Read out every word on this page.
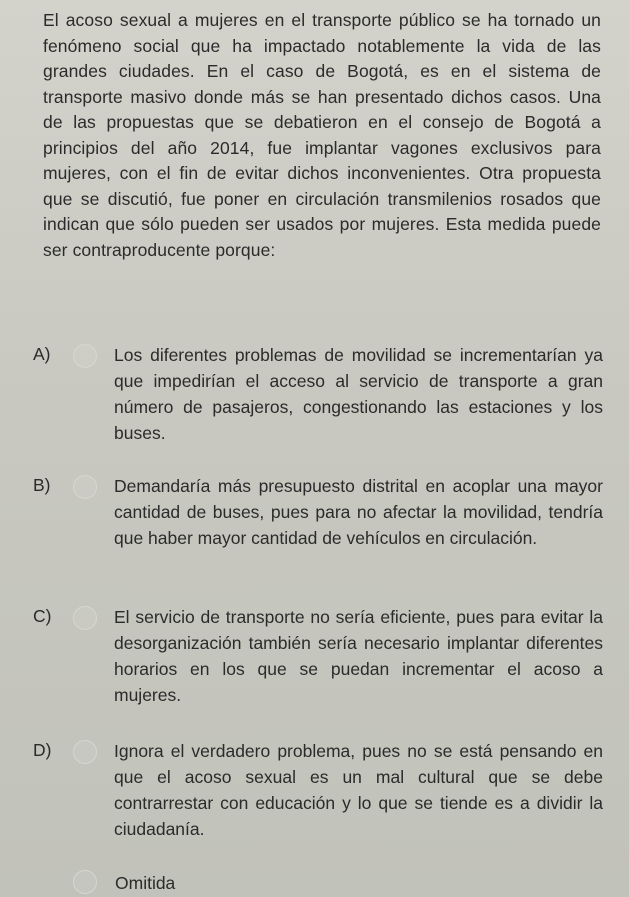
El acoso sexual a mujeres en el transporte público se ha tornado un fenómeno social que ha impactado notablemente la vida de las grandes ciudades. En el caso de Bogotá, es en el sistema de transporte masivo donde más se han presentado dichos casos. Una de las propuestas que se debatieron en el consejo de Bogotá a principios del año 2014, fue implantar vagones exclusivos para mujeres, con el fin de evitar dichos inconvenientes. Otra propuesta que se discutió, fue poner en circulación transmilenios rosados que indican que sólo pueden ser usados por mujeres. Esta medida puede ser contraproducente porque:

A)	Los diferentes problemas de movilidad se incrementarían ya que impedirían el acceso al servicio de transporte a gran número de pasajeros, congestionando las estaciones y los buses.
B)	Demandaría más presupuesto distrital en acoplar una mayor cantidad de buses, pues para no afectar la movilidad, tendría que haber mayor cantidad de vehículos en circulación.
C)	El servicio de transporte no sería eficiente, pues para evitar la desorganización también sería necesario implantar diferentes horarios en los que se puedan incrementar el acoso a mujeres.
D)	Ignora el verdadero problema, pues no se está pensando en que el acoso sexual es un mal cultural que se debe contrarrestar con educación y lo que se tiende es a dividir la ciudadanía.
Omitida
